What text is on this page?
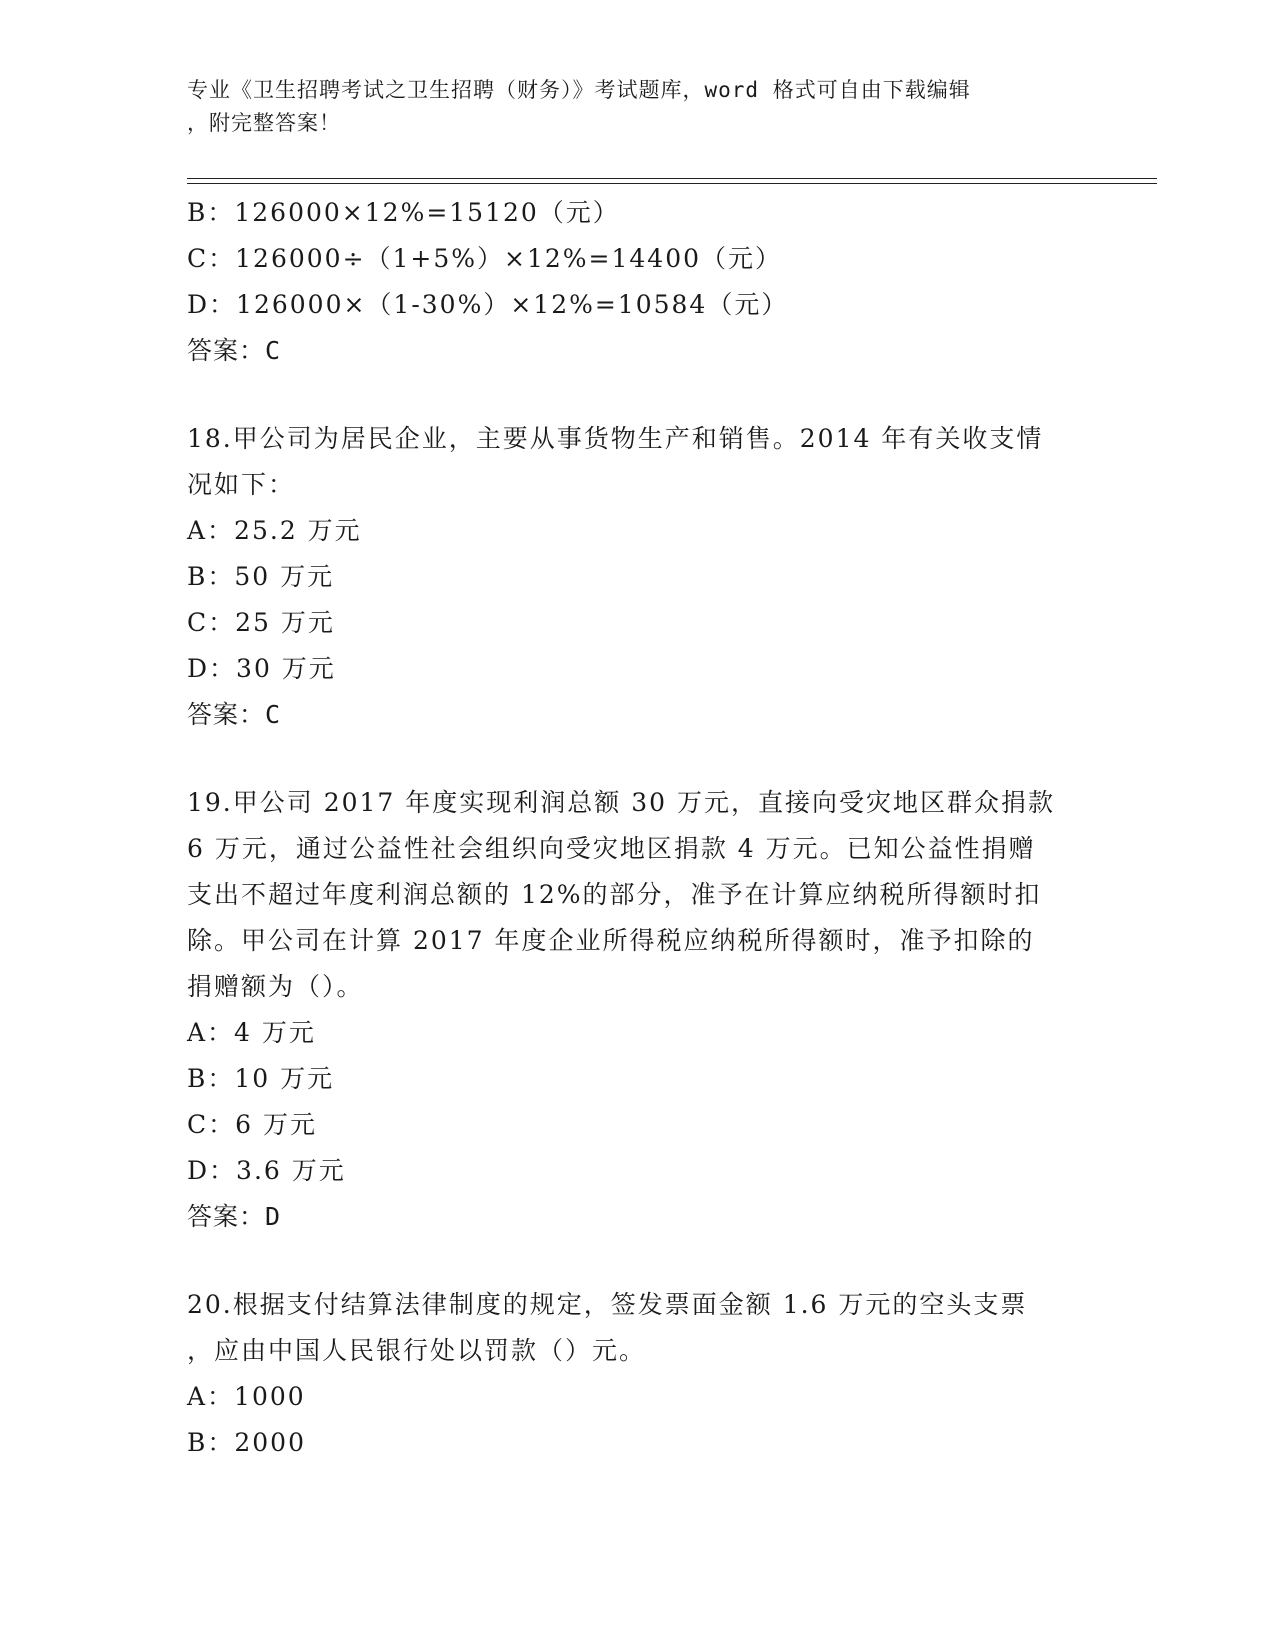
专业《卫生招聘考试之卫生招聘（财务）》考试题库，word 格式可自由下载编辑
，附完整答案！
B：126000×12%=15120（元）
C：126000÷（1+5%）×12%=14400（元）
D：126000×（1-30%）×12%=10584（元）
答案：C
18.甲公司为居民企业，主要从事货物生产和销售。2014 年有关收支情
况如下：
A：25.2 万元
B：50 万元
C：25 万元
D：30 万元
答案：C
19.甲公司 2017 年度实现利润总额 30 万元，直接向受灾地区群众捐款
6 万元，通过公益性社会组织向受灾地区捐款 4 万元。已知公益性捐赠
支出不超过年度利润总额的 12%的部分，准予在计算应纳税所得额时扣
除。甲公司在计算 2017 年度企业所得税应纳税所得额时，准予扣除的
捐赠额为（）。
A：4 万元
B：10 万元
C：6 万元
D：3.6 万元
答案：D
20.根据支付结算法律制度的规定，签发票面金额 1.6 万元的空头支票
，应由中国人民银行处以罚款（）元。
A：1000
B：2000
